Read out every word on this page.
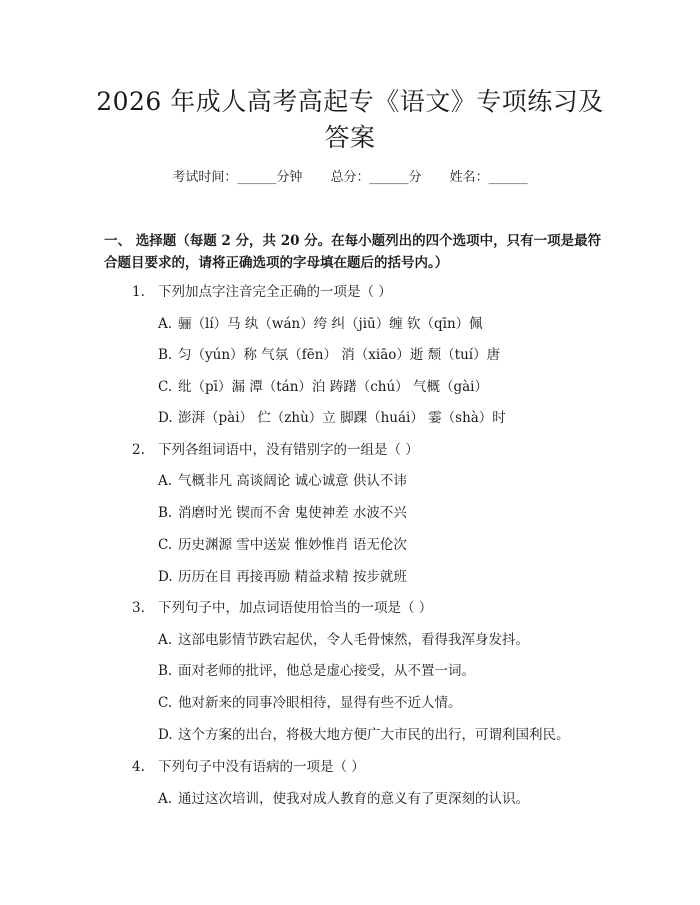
2026 年成人高考高起专《语文》专项练习及
答案
考试时间：______分钟 总分：______分 姓名：______
一、 选择题（每题 2 分，共 20 分。在每小题列出的四个选项中，只有一项是最符合题目要求的，请将正确选项的字母填在题后的括号内。）
1. 下列加点字注音完全正确的一项是（ ）
A. 骊（lí）马 纨（wán）绔 纠（jiū）缠 钦（qīn）佩
B. 匀（yún）称 气氛（fēn） 消（xiāo）逝 颓（tuí）唐
C. 纰（pī）漏 潭（tán）泊 踌躇（chú） 气概（gài）
D. 澎湃（pài） 伫（zhù）立 脚踝（huái） 霎（shà）时
2. 下列各组词语中，没有错别字的一组是（ ）
A. 气概非凡 高谈阔论 诚心诚意 供认不讳
B. 消磨时光 锲而不舍 鬼使神差 水波不兴
C. 历史渊源 雪中送炭 惟妙惟肖 语无伦次
D. 历历在目 再接再励 精益求精 按步就班
3. 下列句子中，加点词语使用恰当的一项是（ ）
A. 这部电影情节跌宕起伏，令人毛骨悚然，看得我浑身发抖。
B. 面对老师的批评，他总是虚心接受，从不置一词。
C. 他对新来的同事冷眼相待，显得有些不近人情。
D. 这个方案的出台，将极大地方便广大市民的出行，可谓利国利民。
4. 下列句子中没有语病的一项是（ ）
A. 通过这次培训，使我对成人教育的意义有了更深刻的认识。
